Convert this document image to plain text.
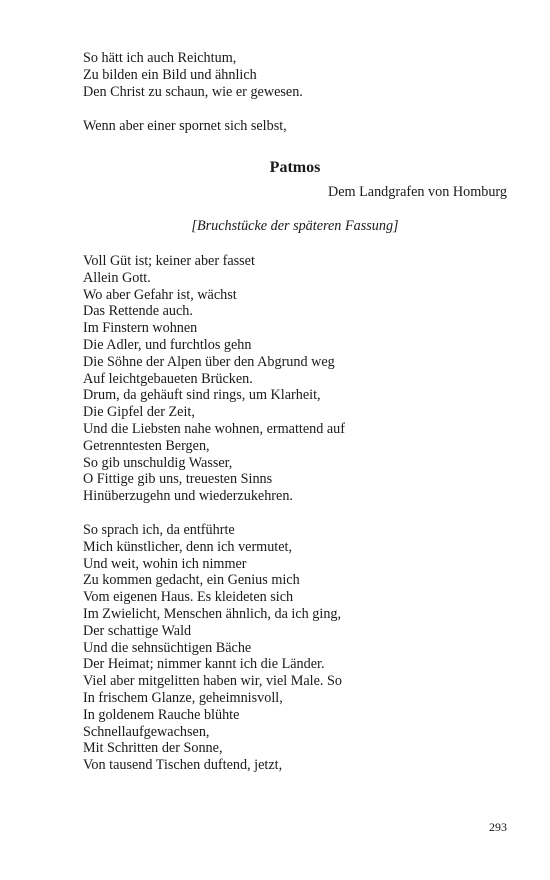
So hätt ich auch Reichtum,
Zu bilden ein Bild und ähnlich
Den Christ zu schaun, wie er gewesen.
Wenn aber einer spornet sich selbst,
Patmos
Dem Landgrafen von Homburg
[Bruchstücke der späteren Fassung]
Voll Güt ist; keiner aber fasset
Allein Gott.
Wo aber Gefahr ist, wächst
Das Rettende auch.
Im Finstern wohnen
Die Adler, und furchtlos gehn
Die Söhne der Alpen über den Abgrund weg
Auf leichtgebaueten Brücken.
Drum, da gehäuft sind rings, um Klarheit,
Die Gipfel der Zeit,
Und die Liebsten nahe wohnen, ermattend auf
Getrenntesten Bergen,
So gib unschuldig Wasser,
O Fittige gib uns, treuesten Sinns
Hinüberzugehn und wiederzukehren.
So sprach ich, da entführte
Mich künstlicher, denn ich vermutet,
Und weit, wohin ich nimmer
Zu kommen gedacht, ein Genius mich
Vom eigenen Haus. Es kleideten sich
Im Zwielicht, Menschen ähnlich, da ich ging,
Der schattige Wald
Und die sehnsüchtigen Bäche
Der Heimat; nimmer kannt ich die Länder.
Viel aber mitgelitten haben wir, viel Male. So
In frischem Glanze, geheimnisvoll,
In goldenem Rauche blühte
Schnellaufgewachsen,
Mit Schritten der Sonne,
Von tausend Tischen duftend, jetzt,
293
